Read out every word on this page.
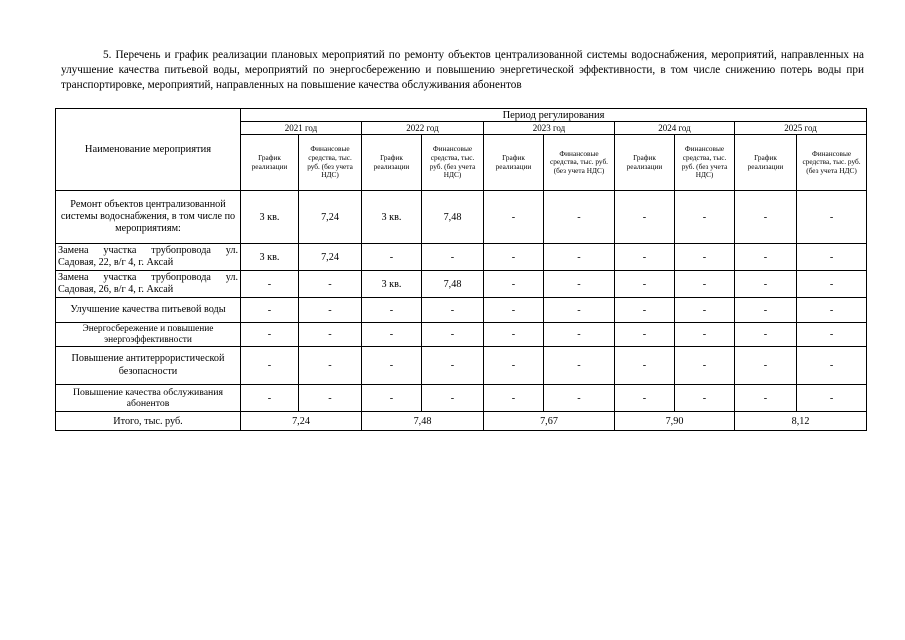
5. Перечень и график реализации плановых мероприятий по ремонту объектов централизованной системы водоснабжения, мероприятий, направленных на улучшение качества питьевой воды, мероприятий по энергосбережению и повышению энергетической эффективности, в том числе снижению потерь воды при транспортировке, мероприятий, направленных на повышение качества обслуживания абонентов

Наименование мероприятия	Период регулирования									
	2021 год		2022 год		2023 год		2024 год		2025 год	
	График реализации	Финансовые средства, тыс. руб. (без учета НДС)	График реализации	Финансовые средства, тыс. руб. (без учета НДС)	График реализации	Финансовые средства, тыс. руб. (без учета НДС)	График реализации	Финансовые средства, тыс. руб. (без учета НДС)	График реализации	Финансовые средства, тыс. руб. (без учета НДС)
Ремонт объектов централизованной системы водоснабжения, в том числе по мероприятиям:	3 кв.	7,24	3 кв.	7,48	-	-	-	-	-	-
Замена участка трубопровода ул. Садовая, 22, в/г 4, г. Аксай	3 кв.	7,24	-	-	-	-	-	-	-	-
Замена участка трубопровода ул. Садовая, 26, в/г 4, г. Аксай	-	-	3 кв.	7,48	-	-	-	-	-	-
Улучшение качества питьевой воды	-	-	-	-	-	-	-	-	-	-
Энергосбережение и повышение энергоэффективности	-	-	-	-	-	-	-	-	-	-
Повышение антитеррористической безопасности	-	-	-	-	-	-	-	-	-	-
Повышение качества обслуживания абонентов	-	-	-	-	-	-	-	-	-	-
Итого, тыс. руб.	7,24		7,48		7,67		7,90		8,12	
